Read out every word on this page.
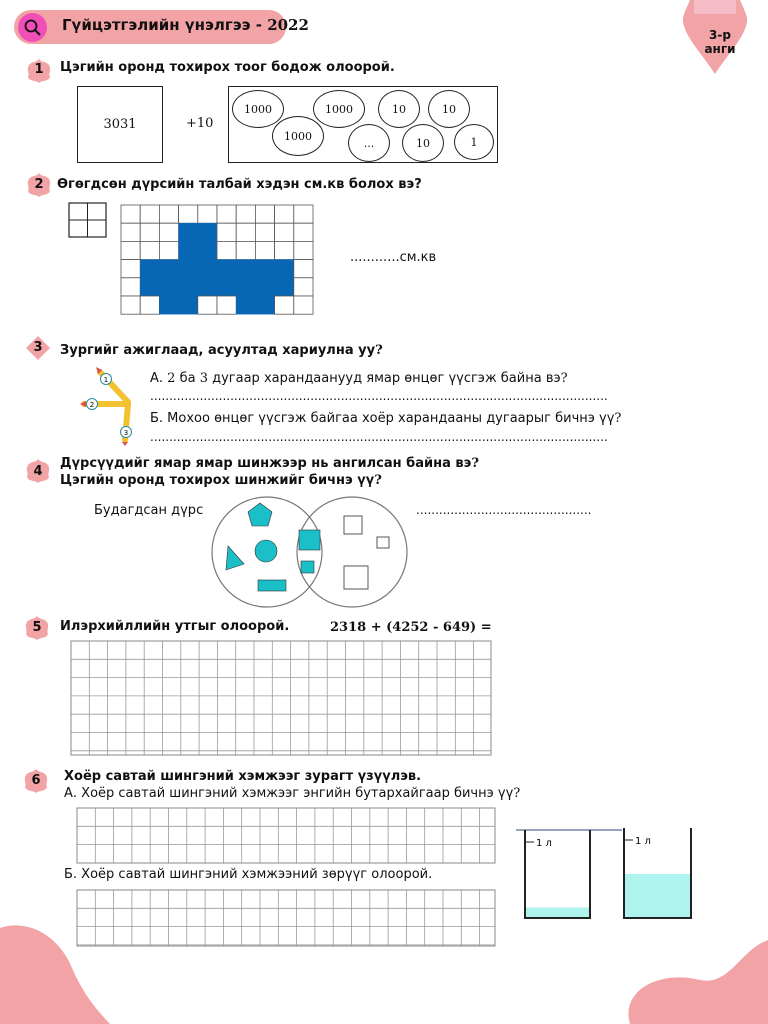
Гүйцэтгэлийн үнэлгээ - 2022
3-р
анги
1	Цэгийн оронд тохирох тоог бодож олоорой.
3031	+10
1000	1000	10	10
1000
...	10	1
2	Өгөгдсөн дүрсийн талбай хэдэн см.кв болох вэ?
............см.кв
3	Зургийг ажиглаад, асуултад хариулна уу?
1
2
3
А. 2 ба 3 дугаар харандаанууд ямар өнцөг үүсгэж байна вэ?
........................................................................................................................
Б. Мохоо өнцөг үүсгэж байгаа хоёр харандааны дугаарыг бичнэ үү?
........................................................................................................................
4
Дүрсүүдийг ямар ямар шинжээр нь ангилсан байна вэ?
Цэгийн оронд тохирох шинжийг бичнэ үү?
Будагдсан дүрс	..............................................
5	Илэрхийллийн утгыг олоорой.	2318 + (4252 - 649) =
6	Хоёр савтай шингэний хэмжээг зурагт үзүүлэв.
А. Хоёр савтай шингэний хэмжээг энгийн бутархайгаар бичнэ үү?
Б. Хоёр савтай шингэний хэмжээний зөрүүг олоорой.
1 л	1 л
